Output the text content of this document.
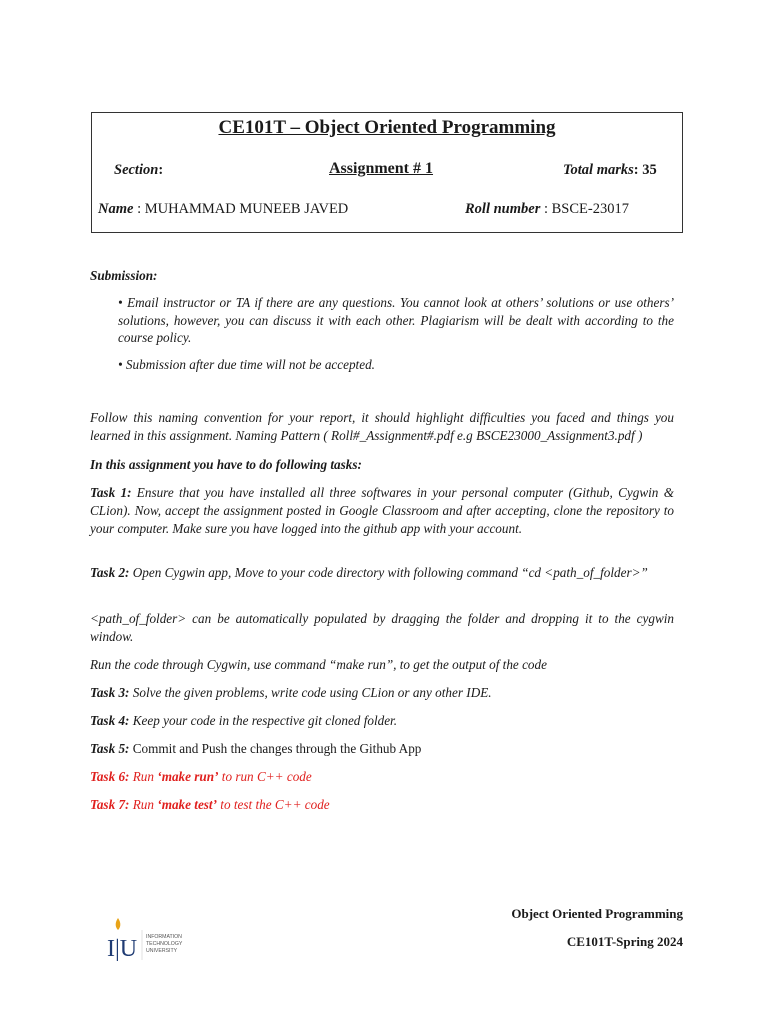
CE101T – Object Oriented Programming
Section:	Assignment # 1	Total marks: 35
Name : MUHAMMAD MUNEEB JAVED	Roll number : BSCE-23017
Submission:

• Email instructor or TA if there are any questions. You cannot look at others’ solutions or use others’ solutions, however, you can discuss it with each other. Plagiarism will be dealt with according to the course policy.

• Submission after due time will not be accepted.

Follow this naming convention for your report, it should highlight difficulties you faced and things you learned in this assignment. Naming Pattern ( Roll#_Assignment#.pdf e.g BSCE23000_Assignment3.pdf )

In this assignment you have to do following tasks:

Task 1: Ensure that you have installed all three softwares in your personal computer (Github, Cygwin & CLion). Now, accept the assignment posted in Google Classroom and after accepting, clone the repository to your computer. Make sure you have logged into the github app with your account.

Task 2: Open Cygwin app, Move to your code directory with following command “cd <path_of_folder>”

<path_of_folder> can be automatically populated by dragging the folder and dropping it to the cygwin window.

Run the code through Cygwin, use command “make run”, to get the output of the code

Task 3: Solve the given problems, write code using CLion or any other IDE.

Task 4: Keep your code in the respective git cloned folder.

Task 5: Commit and Push the changes through the Github App

Task 6: Run ‘make run’ to run C++ code

Task 7: Run ‘make test’ to test the C++ code

I|U INFORMATION
TECHNOLOGY
UNIVERSITY
Object Oriented Programming
CE101T-Spring 2024
